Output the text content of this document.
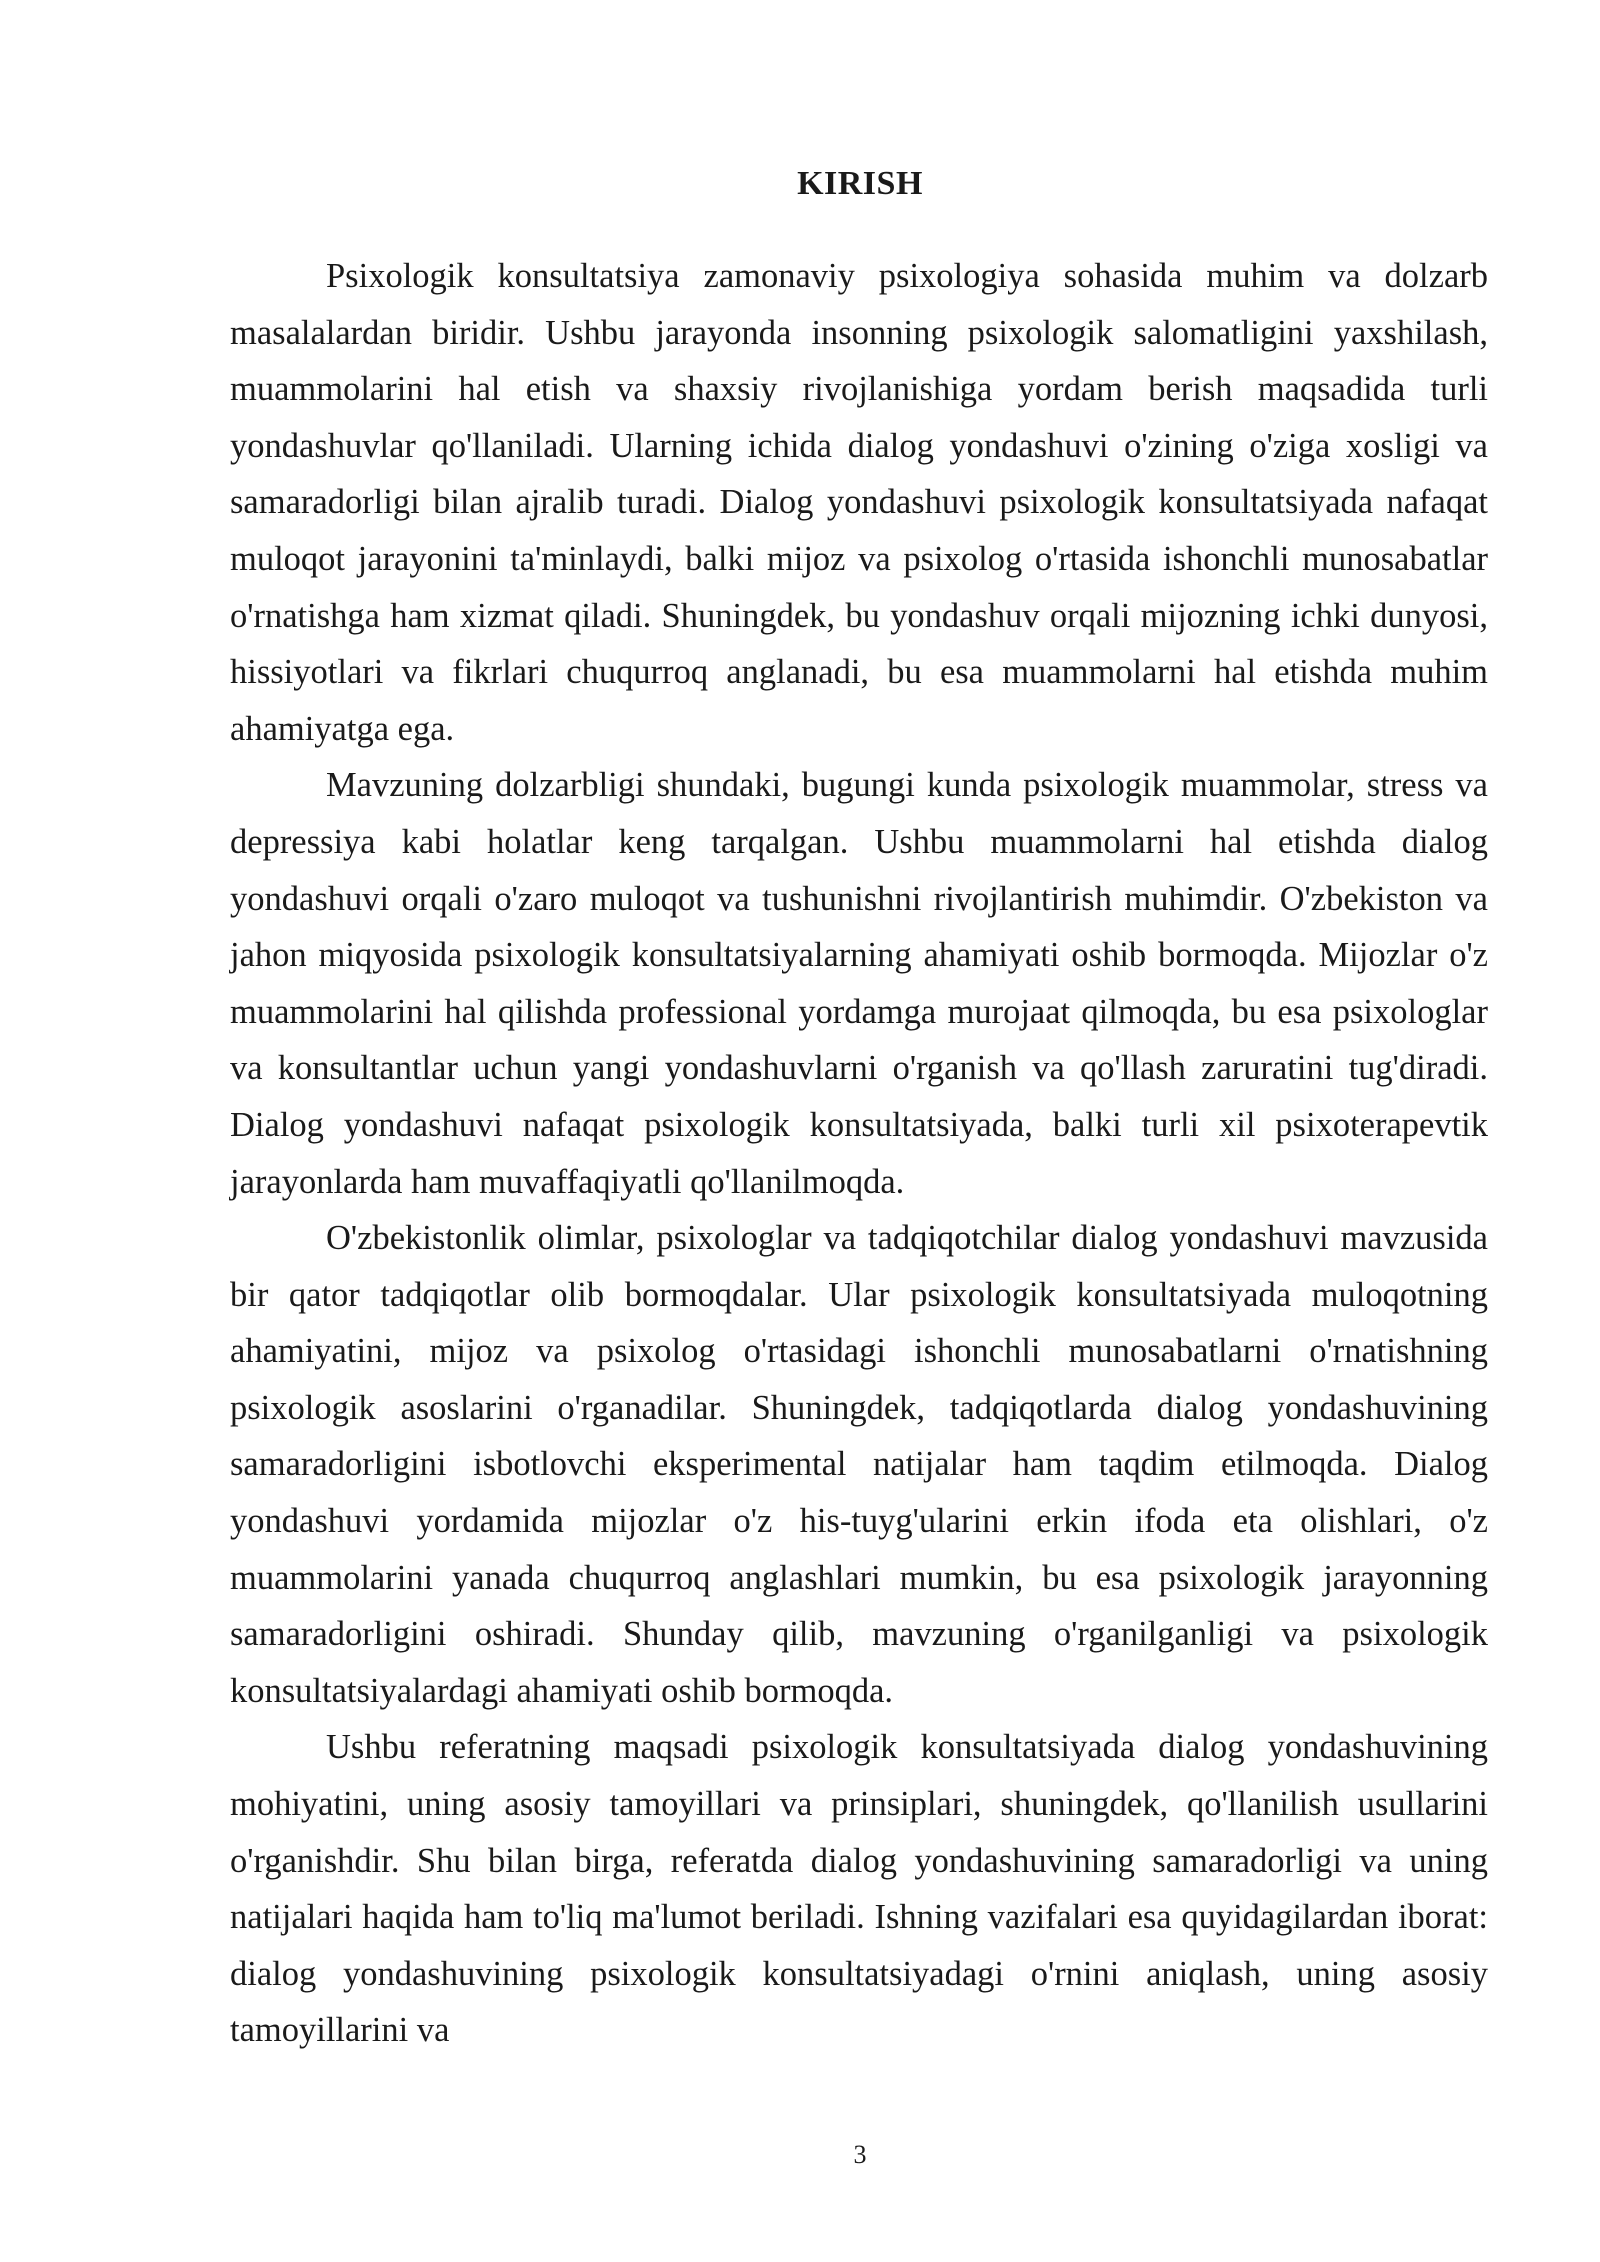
KIRISH

Psixologik konsultatsiya zamonaviy psixologiya sohasida muhim va dolzarb masalalardan biridir. Ushbu jarayonda insonning psixologik salomatligini yaxshilash, muammolarini hal etish va shaxsiy rivojlanishiga yordam berish maqsadida turli yondashuvlar qo'llaniladi. Ularning ichida dialog yondashuvi o'zining o'ziga xosligi va samaradorligi bilan ajralib turadi. Dialog yondashuvi psixologik konsultatsiyada nafaqat muloqot jarayonini ta'minlaydi, balki mijoz va psixolog o'rtasida ishonchli munosabatlar o'rnatishga ham xizmat qiladi. Shuningdek, bu yondashuv orqali mijozning ichki dunyosi, hissiyotlari va fikrlari chuqurroq anglanadi, bu esa muammolarni hal etishda muhim ahamiyatga ega.

Mavzuning dolzarbligi shundaki, bugungi kunda psixologik muammolar, stress va depressiya kabi holatlar keng tarqalgan. Ushbu muammolarni hal etishda dialog yondashuvi orqali o'zaro muloqot va tushunishni rivojlantirish muhimdir. O'zbekiston va jahon miqyosida psixologik konsultatsiyalarning ahamiyati oshib bormoqda. Mijozlar o'z muammolarini hal qilishda professional yordamga murojaat qilmoqda, bu esa psixologlar va konsultantlar uchun yangi yondashuvlarni o'rganish va qo'llash zaruratini tug'diradi. Dialog yondashuvi nafaqat psixologik konsultatsiyada, balki turli xil psixoterapevtik jarayonlarda ham muvaffaqiyatli qo'llanilmoqda.

O'zbekistonlik olimlar, psixologlar va tadqiqotchilar dialog yondashuvi mavzusida bir qator tadqiqotlar olib bormoqdalar. Ular psixologik konsultatsiyada muloqotning ahamiyatini, mijoz va psixolog o'rtasidagi ishonchli munosabatlarni o'rnatishning psixologik asoslarini o'rganadilar. Shuningdek, tadqiqotlarda dialog yondashuvining samaradorligini isbotlovchi eksperimental natijalar ham taqdim etilmoqda. Dialog yondashuvi yordamida mijozlar o'z his-tuyg'ularini erkin ifoda eta olishlari, o'z muammolarini yanada chuqurroq anglashlari mumkin, bu esa psixologik jarayonning samaradorligini oshiradi. Shunday qilib, mavzuning o'rganilganligi va psixologik konsultatsiyalardagi ahamiyati oshib bormoqda.

Ushbu referatning maqsadi psixologik konsultatsiyada dialog yondashuvining mohiyatini, uning asosiy tamoyillari va prinsiplari, shuningdek, qo'llanilish usullarini o'rganishdir. Shu bilan birga, referatda dialog yondashuvining samaradorligi va uning natijalari haqida ham to'liq ma'lumot beriladi. Ishning vazifalari esa quyidagilardan iborat: dialog yondashuvining psixologik konsultatsiyadagi o'rnini aniqlash, uning asosiy tamoyillarini va

3
